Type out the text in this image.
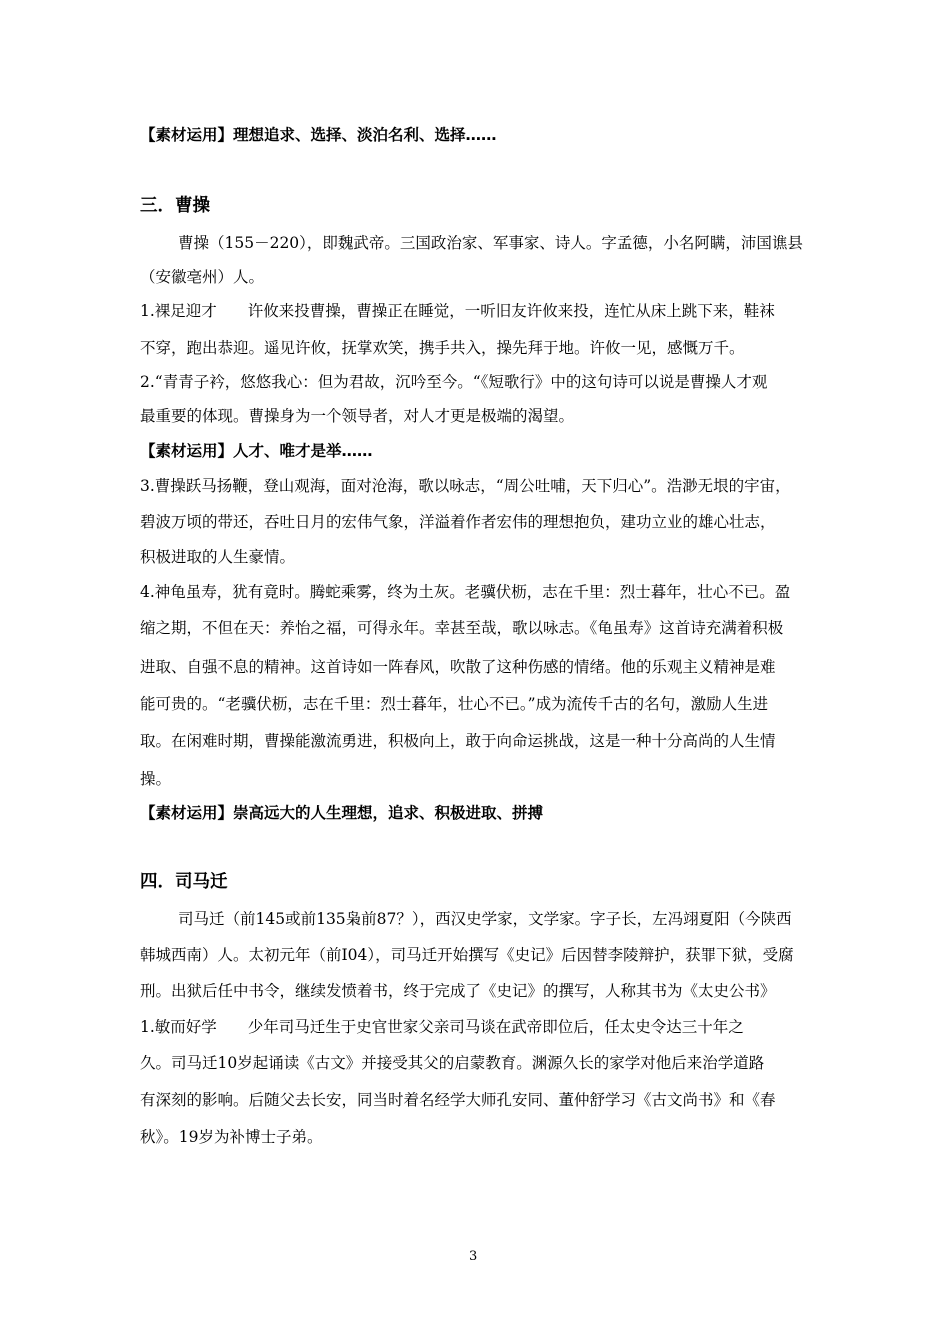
【素材运用】理想追求、选择、淡泊名利、选择……
三．曹操
曹操（155－220），即魏武帝。三国政治家、军事家、诗人。字孟德，小名阿瞒，沛国谯县
（安徽亳州）人。
1.裸足迎才　　许攸来投曹操，曹操正在睡觉，一听旧友许攸来投，连忙从床上跳下来，鞋袜
不穿，跑出恭迎。遥见许攸，抚掌欢笑，携手共入，操先拜于地。许攸一见，感慨万千。
2.“青青子衿，悠悠我心：但为君故，沉吟至今。“《短歌行》中的这句诗可以说是曹操人才观
最重要的体现。曹操身为一个领导者，对人才更是极端的渴望。
【素材运用】人才、唯才是举……
3.曹操跃马扬鞭，登山观海，面对沧海，歌以咏志，“周公吐哺，天下归心”。浩渺无垠的宇宙，
碧波万顷的带还，吞吐日月的宏伟气象，洋溢着作者宏伟的理想抱负，建功立业的雄心壮志，
积极进取的人生豪情。
4.神龟虽寿，犹有竟时。腾蛇乘雾，终为土灰。老骥伏枥，志在千里：烈士暮年，壮心不已。盈
缩之期，不但在天：养怡之福，可得永年。幸甚至哉，歌以咏志。《龟虽寿》这首诗充满着积极
进取、自强不息的精神。这首诗如一阵春风，吹散了这种伤感的情绪。他的乐观主义精神是难
能可贵的。“老骥伏枥，志在千里：烈士暮年，壮心不已。”成为流传千古的名句，激励人生进
取。在闲难时期，曹操能激流勇进，积极向上，敢于向命运挑战，这是一种十分高尚的人生情
操。
【素材运用】崇高远大的人生理想，追求、积极进取、拼搏
四．司马迁
司马迁（前145或前135枭前87？），西汉史学家，文学家。字子长，左冯翊夏阳（今陕西
韩城西南）人。太初元年（前I04），司马迁开始撰写《史记》后因替李陵辩护，获罪下狱，受腐
刑。出狱后任中书令，继续发愤着书，终于完成了《史记》的撰写，人称其书为《太史公书》
1.敏而好学　　少年司马迁生于史官世家父亲司马谈在武帝即位后，任太史令达三十年之
久。司马迁10岁起诵读《古文》并接受其父的启蒙教育。渊源久长的家学对他后来治学道路
有深刻的影响。后随父去长安，同当时着名经学大师孔安同、董仲舒学习《古文尚书》和《春
秋》。19岁为补博士子弟。
3
